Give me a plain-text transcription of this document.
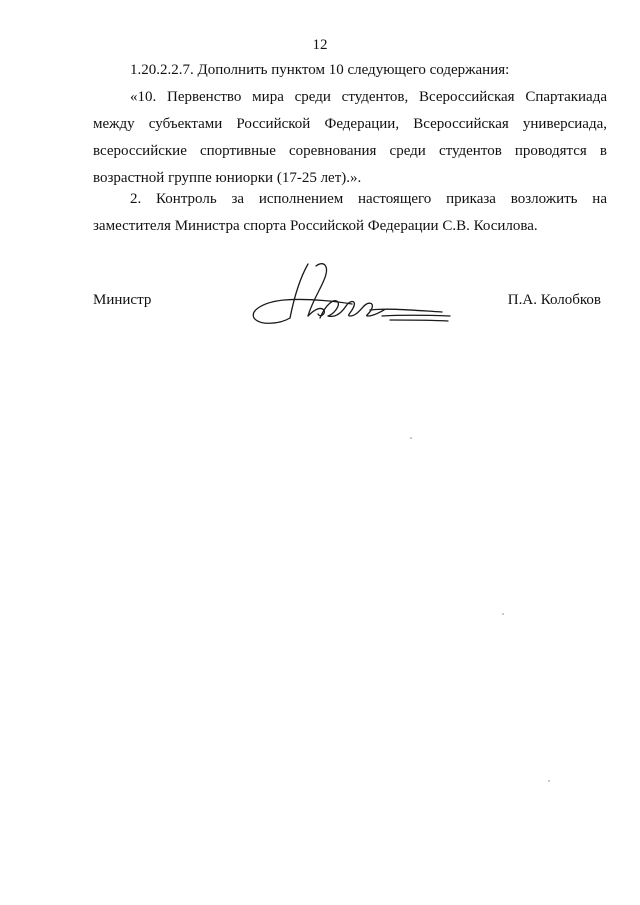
12

1.20.2.2.7. Дополнить пунктом 10 следующего содержания:

«10. Первенство мира среди студентов, Всероссийская Спартакиада между субъектами Российской Федерации, Всероссийская универсиада, всероссийские спортивные соревнования среди студентов проводятся в возрастной группе юниорки (17-25 лет).».

2. Контроль за исполнением настоящего приказа возложить на заместителя Министра спорта Российской Федерации С.В. Косилова.

Министр	П.А. Колобков
